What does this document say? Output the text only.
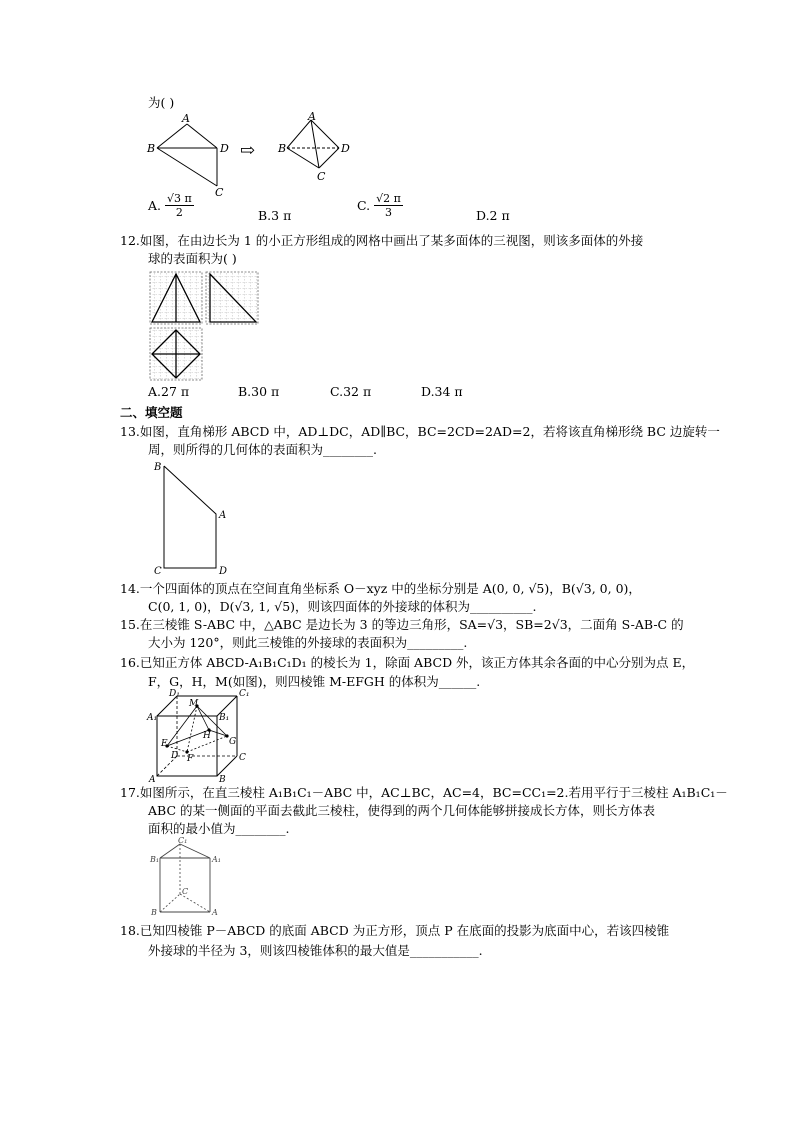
为( )
A
B	D
C
⇨
A
B	D
C
A. $\frac{√3 \pi}{2}$	B.3 π
C. $\frac{√2 \pi}{3}$	D.2 π
12.如图，在由边长为 1 的小正方形组成的网格中画出了某多面体的三视图，则该多面体的外接
球的表面积为( )
A.27 π	B.30 π	C.32 π	D.34 π
二、填空题
13.如图，直角梯形 ABCD 中，AD⊥DC，AD∥BC，BC=2CD=2AD=2，若将该直角梯形绕 BC 边旋转一
周，则所得的几何体的表面积为________.
B
A
C	D
14.一个四面体的顶点在空间直角坐标系 O－xyz 中的坐标分别是 A(0, 0, √5)，B(√3, 0, 0)，
C(0, 1, 0)，D(√3, 1, √5)，则该四面体的外接球的体积为__________.
15.在三棱锥 S-ABC 中，△ABC 是边长为 3 的等边三角形，SA=√3，SB=2√3，二面角 S-AB-C 的
大小为 120°，则此三棱锥的外接球的表面积为_________.
16.已知正方体 ABCD-A₁B₁C₁D₁ 的棱长为 1，除面 ABCD 外，该正方体其余各面的中心分别为点 E，
F，G，H，M(如图)，则四棱锥 M-EFGH 的体积为______.
D₁	C₁
A₁	B₁
M
H
E	G
D F	C
A	B
17.如图所示，在直三棱柱 A₁B₁C₁－ABC 中，AC⊥BC，AC=4，BC=CC₁=2.若用平行于三棱柱 A₁B₁C₁－
ABC 的某一侧面的平面去截此三棱柱，使得到的两个几何体能够拼接成长方体，则长方体表
面积的最小值为________.
C₁
B₁	A₁
C
B	A
18.已知四棱锥 P－ABCD 的底面 ABCD 为正方形，顶点 P 在底面的投影为底面中心，若该四棱锥
外接球的半径为 3，则该四棱锥体积的最大值是___________.
